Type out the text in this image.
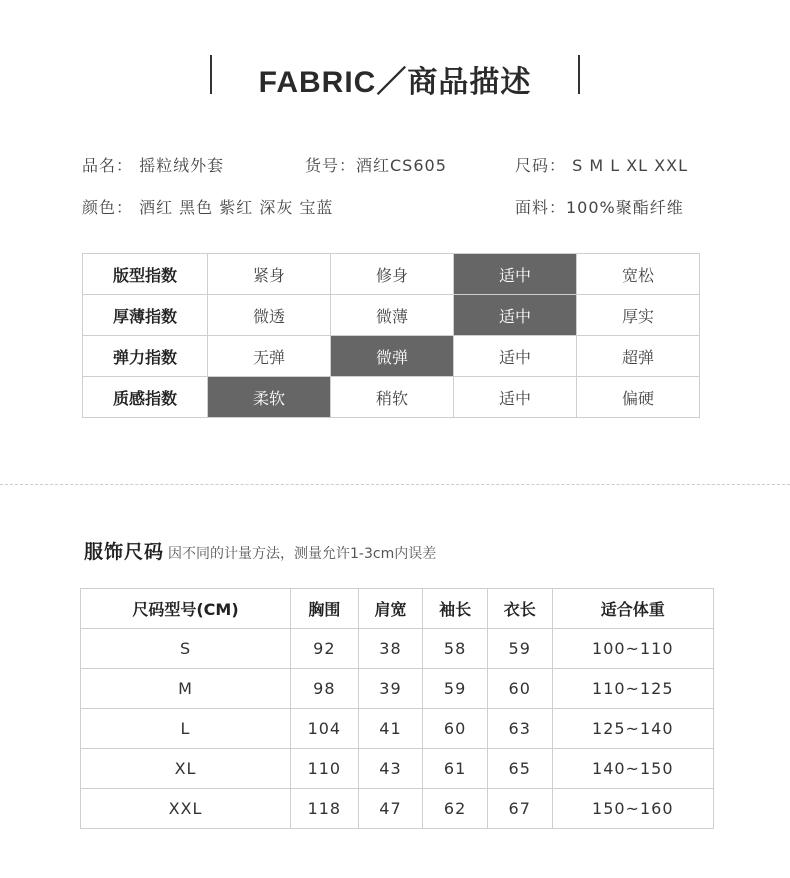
FABRIC／商品描述
品名： 摇粒绒外套	货号：酒红CS605	尺码： S M L XL XXL
颜色： 酒红 黑色 紫红 深灰 宝蓝	面料：100%聚酯纤维
版型指数	紧身	修身	适中	宽松
厚薄指数	微透	微薄	适中	厚实
弹力指数	无弹	微弹	适中	超弹
质感指数	柔软	稍软	适中	偏硬
服饰尺码 因不同的计量方法，测量允许1-3cm内误差
尺码型号(CM)	胸围	肩宽	袖长	衣长	适合体重
S	92	38	58	59	100~110
M	98	39	59	60	110~125
L	104	41	60	63	125~140
XL	110	43	61	65	140~150
XXL	118	47	62	67	150~160
